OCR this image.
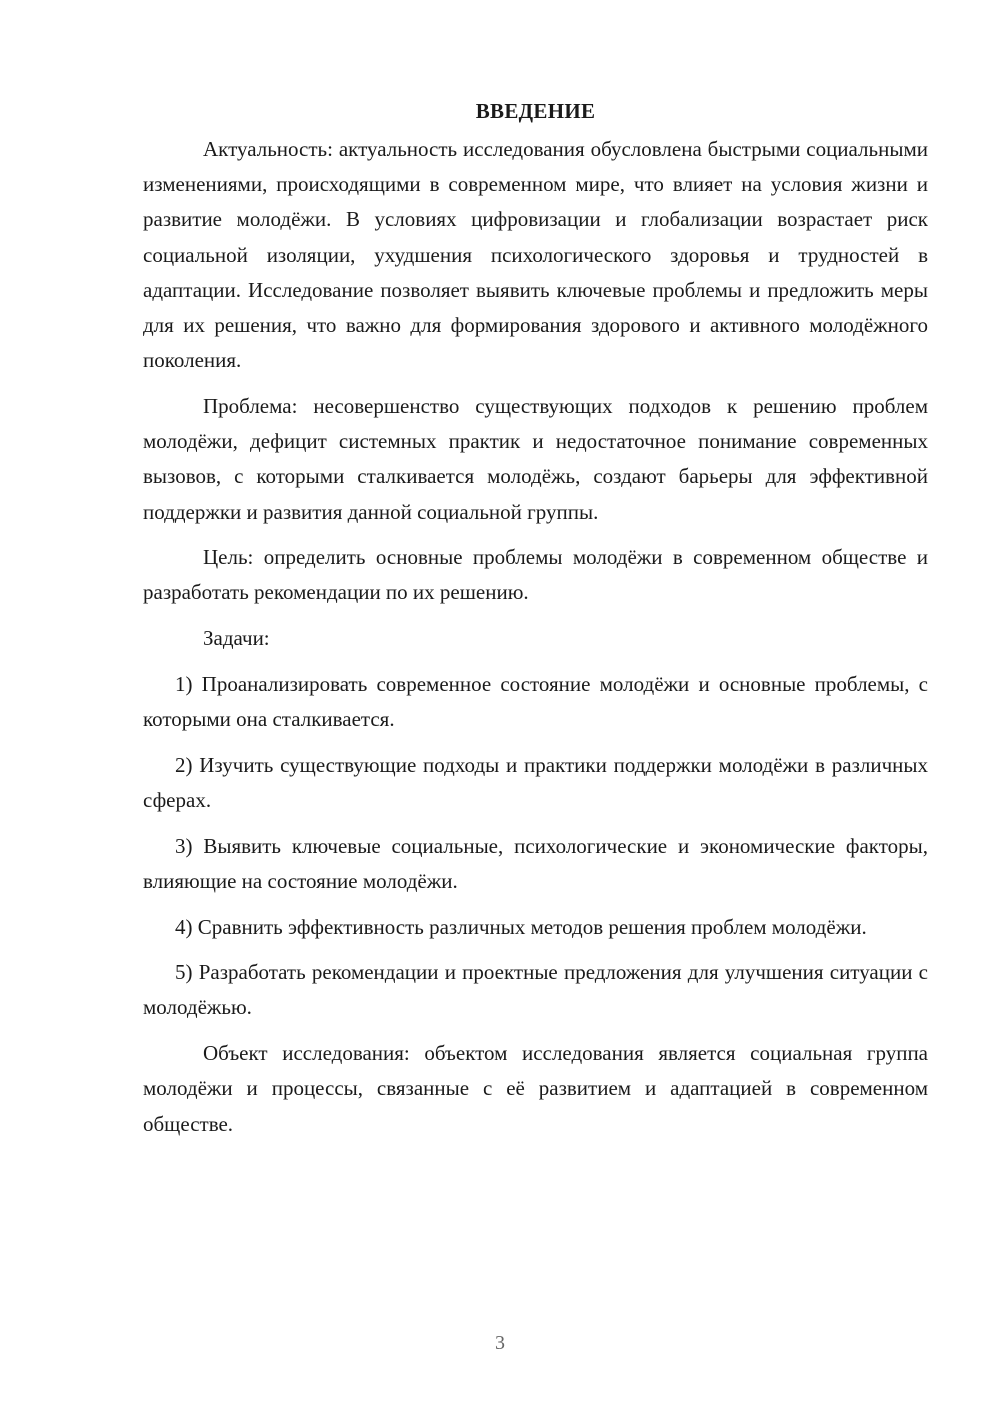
ВВЕДЕНИЕ

Актуальность: актуальность исследования обусловлена быстрыми социальными изменениями, происходящими в современном мире, что влияет на условия жизни и развитие молодёжи. В условиях цифровизации и глобализации возрастает риск социальной изоляции, ухудшения психологического здоровья и трудностей в адаптации. Исследование позволяет выявить ключевые проблемы и предложить меры для их решения, что важно для формирования здорового и активного молодёжного поколения.

Проблема: несовершенство существующих подходов к решению проблем молодёжи, дефицит системных практик и недостаточное понимание современных вызовов, с которыми сталкивается молодёжь, создают барьеры для эффективной поддержки и развития данной социальной группы.

Цель: определить основные проблемы молодёжи в современном обществе и разработать рекомендации по их решению.

Задачи:

1) Проанализировать современное состояние молодёжи и основные проблемы, с которыми она сталкивается.

2) Изучить существующие подходы и практики поддержки молодёжи в различных сферах.

3) Выявить ключевые социальные, психологические и экономические факторы, влияющие на состояние молодёжи.

4) Сравнить эффективность различных методов решения проблем молодёжи.

5) Разработать рекомендации и проектные предложения для улучшения ситуации с молодёжью.

Объект исследования: объектом исследования является социальная группа молодёжи и процессы, связанные с её развитием и адаптацией в современном обществе.

3
